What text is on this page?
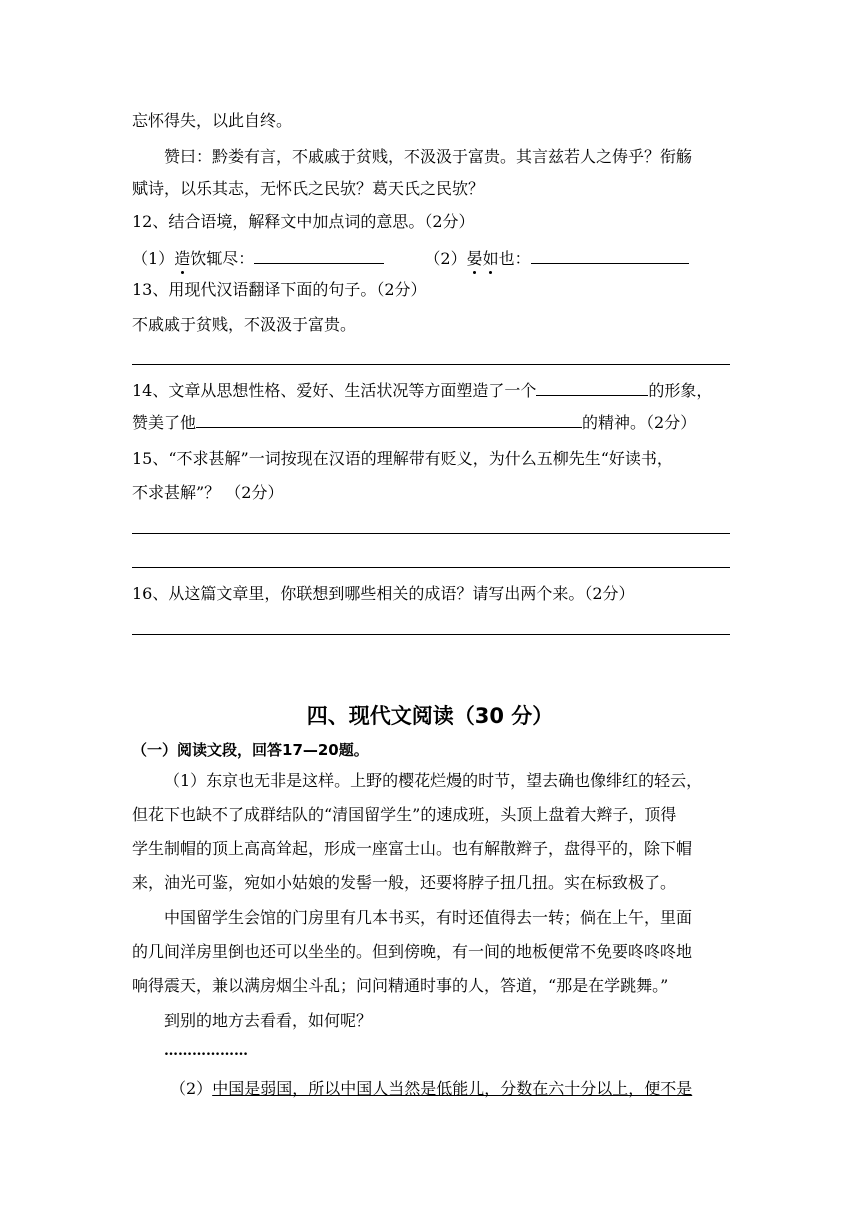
忘怀得失，以此自终。
赞曰：黔娄有言，不戚戚于贫贱，不汲汲于富贵。其言兹若人之俦乎？衔觞
赋诗，以乐其志，无怀氏之民欤？葛天氏之民欤？
12、结合语境，解释文中加点词的意思。（2分）
（1）造饮辄尽：	（2）晏如也：
13、用现代汉语翻译下面的句子。（2分）
不戚戚于贫贱，不汲汲于富贵。
14、文章从思想性格、爱好、生活状况等方面塑造了一个	的形象，
赞美了他	的精神。（2分）
15、“不求甚解”一词按现在汉语的理解带有贬义，为什么五柳先生“好读书，
不求甚解”？ （2分）
16、从这篇文章里，你联想到哪些相关的成语？请写出两个来。（2分）
四、现代文阅读（30 分）
（一）阅读文段，回答17—20题。
（1）东京也无非是这样。上野的樱花烂熳的时节，望去确也像绯红的轻云，
但花下也缺不了成群结队的“清国留学生”的速成班，头顶上盘着大辫子，顶得
学生制帽的顶上高高耸起，形成一座富士山。也有解散辫子，盘得平的，除下帽
来，油光可鉴，宛如小姑娘的发髻一般，还要将脖子扭几扭。实在标致极了。
中国留学生会馆的门房里有几本书买，有时还值得去一转；倘在上午，里面
的几间洋房里倒也还可以坐坐的。但到傍晚，有一间的地板便常不免要咚咚咚地
响得震天，兼以满房烟尘斗乱；问问精通时事的人，答道，“那是在学跳舞。”
到别的地方去看看，如何呢？
………………
（2）中国是弱国，所以中国人当然是低能儿，分数在六十分以上，便不是
